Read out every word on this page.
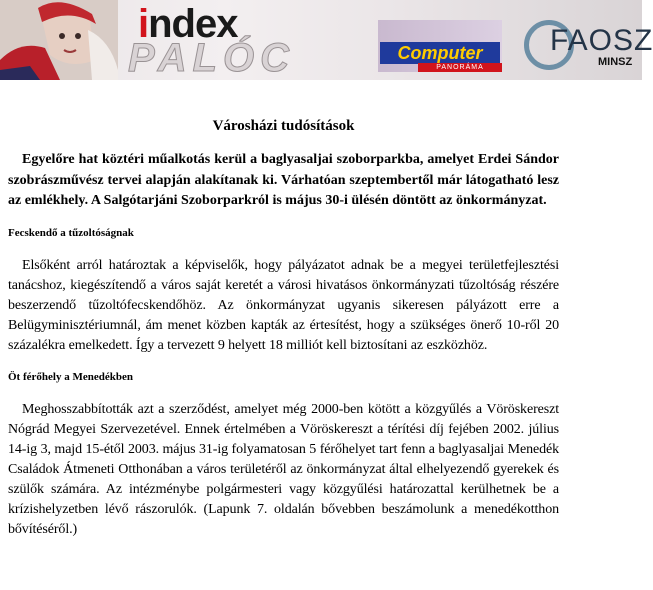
index
PALÓC	Computer
PANORÁMA
FAOSZ
MINSZ
Városházi tudósítások

Egyelőre hat köztéri műalkotás kerül a baglyasaljai szoborparkba, amelyet Erdei Sándor szobrászművész tervei alapján alakítanak ki. Várhatóan szeptembertől már látogatható lesz az emlékhely. A Salgótarjáni Szoborparkról is május 30-i ülésén döntött az önkormányzat.

Fecskendő a tűzoltóságnak

Elsőként arról határoztak a képviselők, hogy pályázatot adnak be a megyei területfejlesztési tanácshoz, kiegészítendő a város saját keretét a városi hivatásos önkormányzati tűzoltóság részére beszerzendő tűzoltófecskendőhöz. Az önkormányzat ugyanis sikeresen pályázott erre a Belügyminisztériumnál, ám menet közben kapták az értesítést, hogy a szükséges önerő 10-ről 20 százalékra emelkedett. Így a tervezett 9 helyett 18 milliót kell biztosítani az eszközhöz.

Öt férőhely a Menedékben

Meghosszabbították azt a szerződést, amelyet még 2000-ben kötött a közgyűlés a Vöröskereszt Nógrád Megyei Szervezetével. Ennek értelmében a Vöröskereszt a térítési díj fejében 2002. július 14-ig 3, majd 15-étől 2003. május 31-ig folyamatosan 5 férőhelyet tart fenn a baglyasaljai Menedék Családok Átmeneti Otthonában a város területéről az önkormányzat által elhelyezendő gyerekek és szülők számára. Az intézménybe polgármesteri vagy közgyűlési határozattal kerülhetnek be a krízishelyzetben lévő rászorulók. (Lapunk 7. oldalán bővebben beszámolunk a menedékotthon bővítéséről.)
